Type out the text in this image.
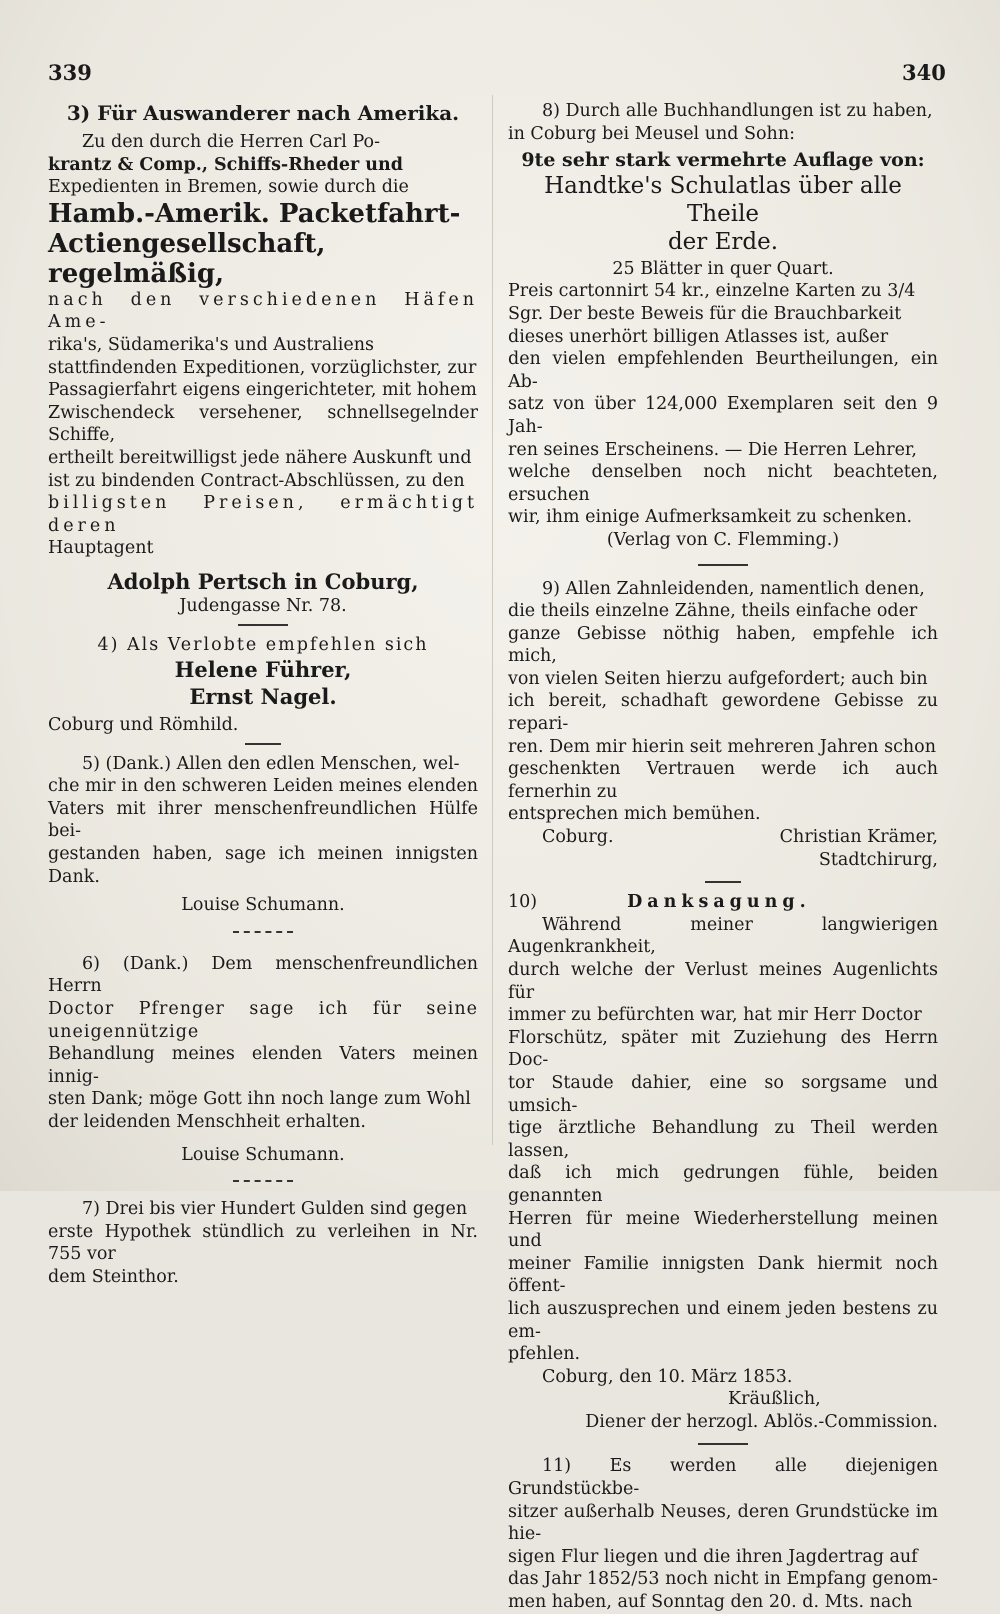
339	340

3) Für Auswanderer nach Amerika.

Zu den durch die Herren Carl Po-

krantz & Comp., Schiffs-Rheder und

Expedienten in Bremen, sowie durch die

Hamb.-Amerik. Packetfahrt-

Actiengesellschaft, regelmäßig,

nach den verschiedenen Häfen Ame-

rika's, Südamerika's und Australiens

stattfindenden Expeditionen, vorzüglichster, zur

Passagierfahrt eigens eingerichteter, mit hohem

Zwischendeck versehener, schnellsegelnder Schiffe,

ertheilt bereitwilligst jede nähere Auskunft und

ist zu bindenden Contract-Abschlüssen, zu den

billigsten Preisen, ermächtigt deren

Hauptagent

Adolph Pertsch in Coburg,

Judengasse Nr. 78.

4) Als Verlobte empfehlen sich

Helene Führer,

Ernst Nagel.

Coburg und Römhild.

5) (Dank.) Allen den edlen Menschen, wel-

che mir in den schweren Leiden meines elenden

Vaters mit ihrer menschenfreundlichen Hülfe bei-

gestanden haben, sage ich meinen innigsten Dank.

Louise Schumann.

6) (Dank.) Dem menschenfreundlichen Herrn

Doctor Pfrenger sage ich für seine uneigennützige

Behandlung meines elenden Vaters meinen innig-

sten Dank; möge Gott ihn noch lange zum Wohl

der leidenden Menschheit erhalten.

Louise Schumann.

7) Drei bis vier Hundert Gulden sind gegen

erste Hypothek stündlich zu verleihen in Nr. 755 vor

dem Steinthor.

8) Durch alle Buchhandlungen ist zu haben,

in Coburg bei Meusel und Sohn:

9te sehr stark vermehrte Auflage von:

Handtke's Schulatlas über alle Theile

der Erde.

25 Blätter in quer Quart.

Preis cartonnirt 54 kr., einzelne Karten zu 3/4

Sgr. Der beste Beweis für die Brauchbarkeit

dieses unerhört billigen Atlasses ist, außer

den vielen empfehlenden Beurtheilungen, ein Ab-

satz von über 124,000 Exemplaren seit den 9 Jah-

ren seines Erscheinens. — Die Herren Lehrer,

welche denselben noch nicht beachteten, ersuchen

wir, ihm einige Aufmerksamkeit zu schenken.

(Verlag von C. Flemming.)

9) Allen Zahnleidenden, namentlich denen,

die theils einzelne Zähne, theils einfache oder

ganze Gebisse nöthig haben, empfehle ich mich,

von vielen Seiten hierzu aufgefordert; auch bin

ich bereit, schadhaft gewordene Gebisse zu repari-

ren. Dem mir hierin seit mehreren Jahren schon

geschenkten Vertrauen werde ich auch fernerhin zu

entsprechen mich bemühen.

Coburg.	Christian Krämer,

Stadtchirurg,

10)	Danksagung.

Während meiner langwierigen Augenkrankheit,

durch welche der Verlust meines Augenlichts für

immer zu befürchten war, hat mir Herr Doctor

Florschütz, später mit Zuziehung des Herrn Doc-

tor Staude dahier, eine so sorgsame und umsich-

tige ärztliche Behandlung zu Theil werden lassen,

daß ich mich gedrungen fühle, beiden genannten

Herren für meine Wiederherstellung meinen und

meiner Familie innigsten Dank hiermit noch öffent-

lich auszusprechen und einem jeden bestens zu em-

pfehlen.

Coburg, den 10. März 1853.

Kräußlich,

Diener der herzogl. Ablös.-Commission.

11) Es werden alle diejenigen Grundstückbe-

sitzer außerhalb Neuses, deren Grundstücke im hie-

sigen Flur liegen und die ihren Jagdertrag auf

das Jahr 1852/53 noch nicht in Empfang genom-

men haben, auf Sonntag den 20. d. Mts. nach
